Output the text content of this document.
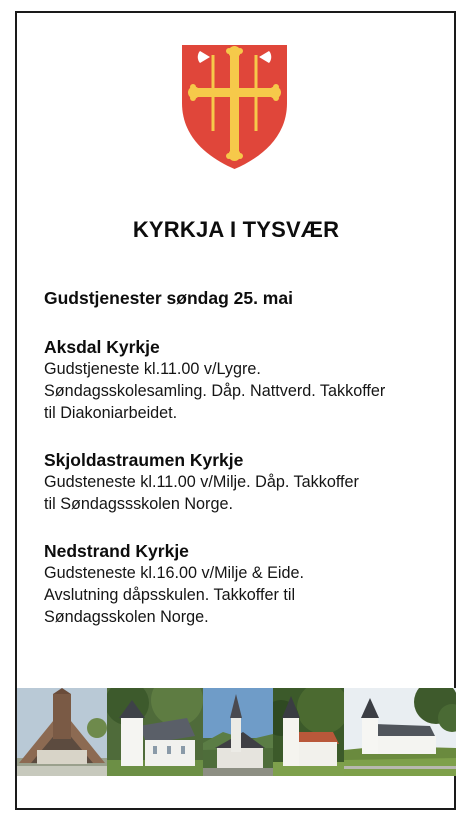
KYRKJA I TYSVÆR
Gudstjenester søndag 25. mai
Aksdal Kyrkje
Gudstjeneste kl.11.00 v/Lygre.
Søndagsskolesamling. Dåp. Nattverd. Takkoffer
til Diakoniarbeidet.
Skjoldastraumen Kyrkje
Gudsteneste kl.11.00 v/Milje. Dåp. Takkoffer
til Søndagssskolen Norge.
Nedstrand Kyrkje
Gudsteneste kl.16.00 v/Milje & Eide.
Avslutning dåpsskulen. Takkoffer til
Søndagsskolen Norge.
